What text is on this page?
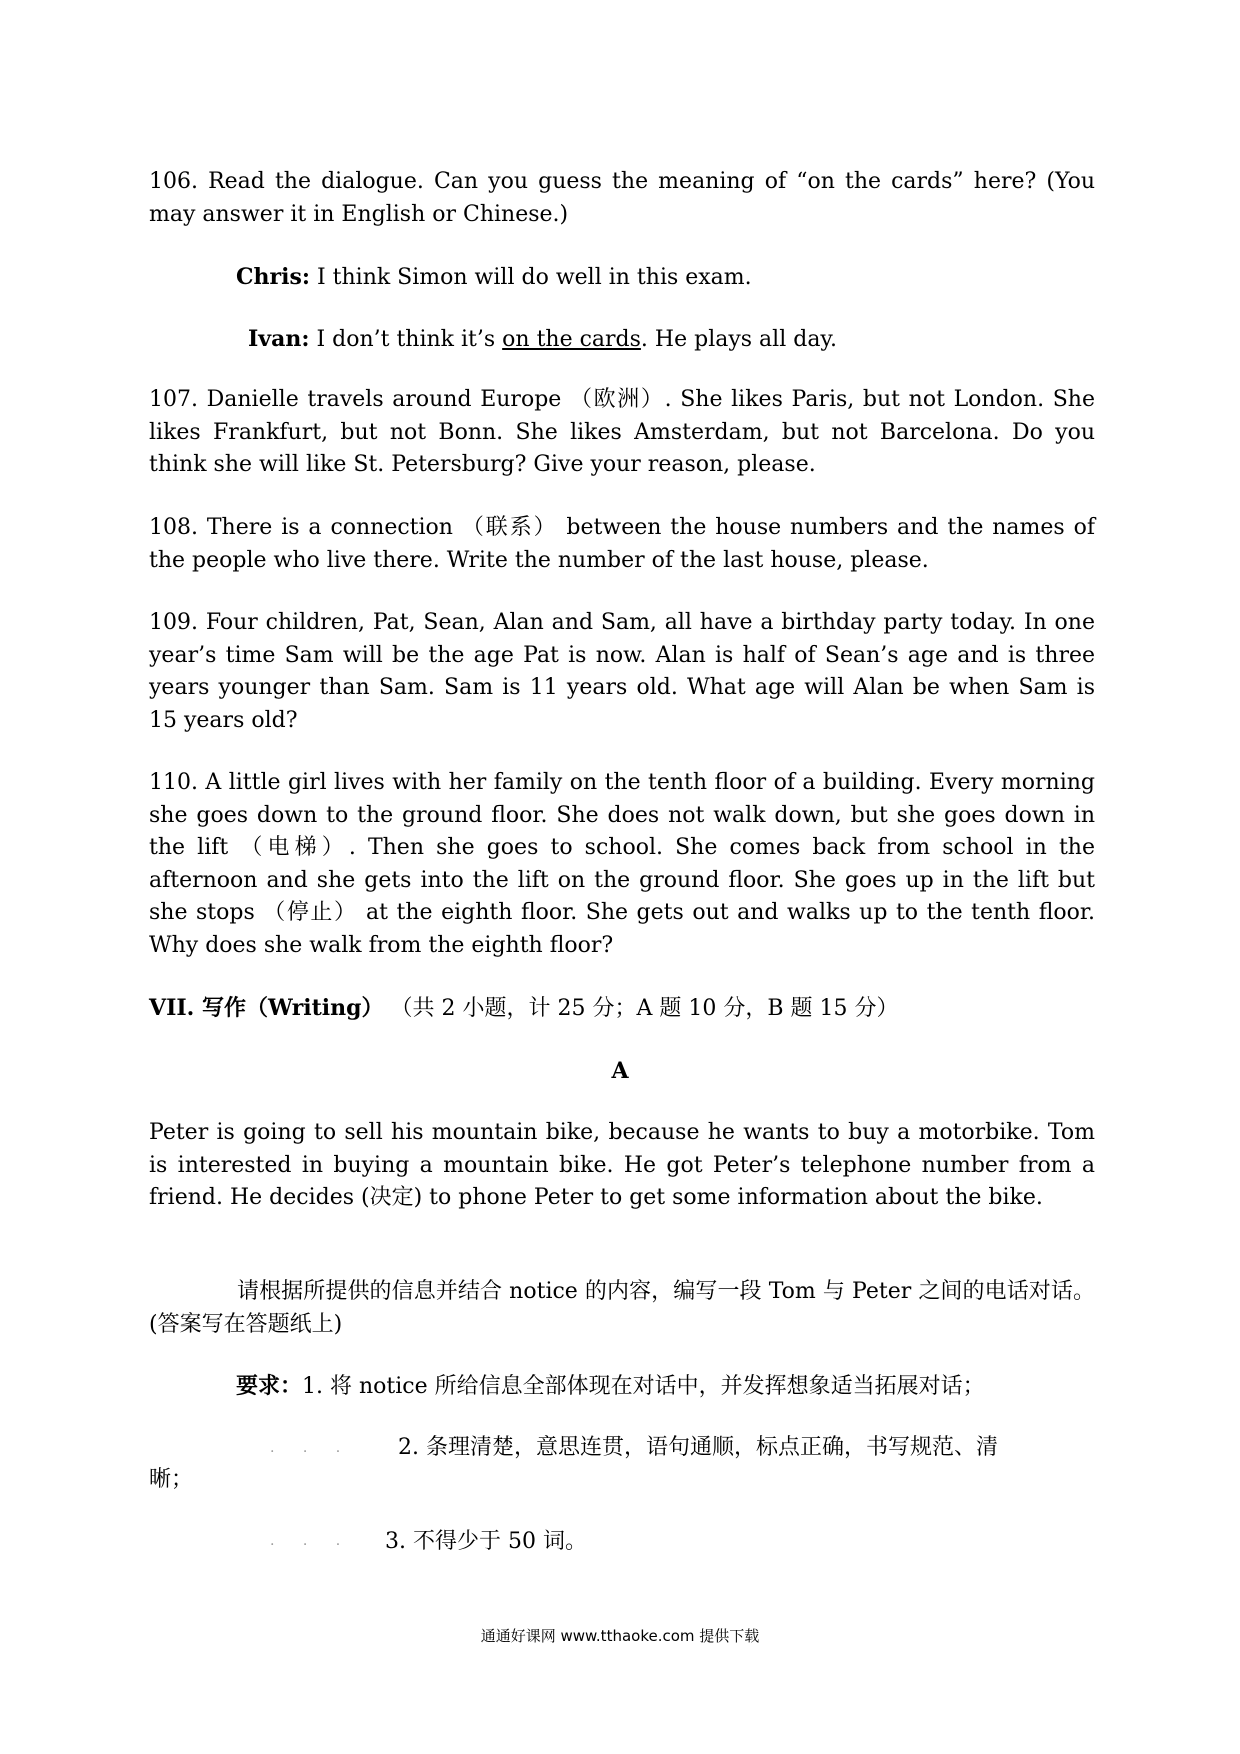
106. Read the dialogue. Can you guess the meaning of “on the cards” here? (You may answer it in English or Chinese.)

Chris: I think Simon will do well in this exam.
Ivan: I don’t think it’s on the cards. He plays all day.

107. Danielle travels around Europe （欧洲）. She likes Paris, but not London. She likes Frankfurt, but not Bonn. She likes Amsterdam, but not Barcelona. Do you think she will like St. Petersburg? Give your reason, please.

108. There is a connection （联系） between the house numbers and the names of the people who live there. Write the number of the last house, please.

109. Four children, Pat, Sean, Alan and Sam, all have a birthday party today. In one year’s time Sam will be the age Pat is now. Alan is half of Sean’s age and is three years younger than Sam. Sam is 11 years old. What age will Alan be when Sam is 15 years old?

110. A little girl lives with her family on the tenth floor of a building. Every morning she goes down to the ground floor. She does not walk down, but she goes down in the lift （电梯）. Then she goes to school. She comes back from school in the afternoon and she gets into the lift on the ground floor. She goes up in the lift but she stops （停止） at the eighth floor. She gets out and walks up to the tenth floor. Why does she walk from the eighth floor?

VII. 写作（Writing） （共 2 小题，计 25 分；A 题 10 分，B 题 15 分）
A

Peter is going to sell his mountain bike, because he wants to buy a motorbike. Tom is interested in buying a mountain bike. He got Peter’s telephone number from a friend. He decides (决定) to phone Peter to get some information about the bike.

请根据所提供的信息并结合 notice 的内容，编写一段 Tom 与 Peter 之间的电话对话。(答案写在答题纸上)

要求：1. 将 notice 所给信息全部体现在对话中，并发挥想象适当拓展对话；
. . . 2. 条理清楚，意思连贯，语句通顺，标点正确，书写规范、清
晰；
. . . 3. 不得少于 50 词。
通通好课网 www.tthaoke.com 提供下载
